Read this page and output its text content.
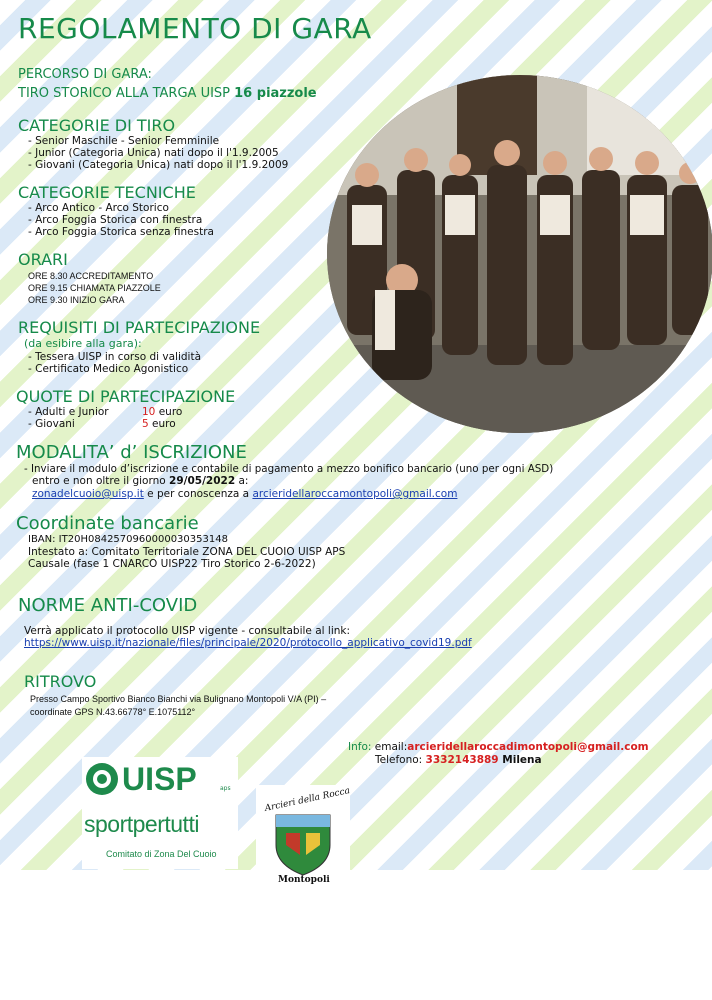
REGOLAMENTO DI GARA
PERCORSO DI GARA:
TIRO STORICO ALLA TARGA UISP 16 piazzole
CATEGORIE DI TIRO
- Senior Maschile - Senior Femminile
- Junior (Categoria Unica) nati dopo il l'1.9.2005
- Giovani (Categoria Unica) nati dopo il l'1.9.2009
CATEGORIE TECNICHE
- Arco Antico - Arco Storico
- Arco Foggia Storica con finestra
- Arco Foggia Storica senza finestra
ORARI
ORE 8.30 ACCREDITAMENTO
ORE 9.15 CHIAMATA PIAZZOLE
ORE 9.30 INIZIO GARA
REQUISITI DI PARTECIPAZIONE
(da esibire alla gara):
- Tessera UISP in corso di validità
- Certificato Medico Agonistico
QUOTE DI PARTECIPAZIONE
- Adulti e Junior	10 euro
- Giovani	5 euro
MODALITA’ d’ ISCRIZIONE
- Inviare il modulo d’iscrizione e contabile di pagamento a mezzo bonifico bancario (uno per ogni ASD)
entro e non oltre il giorno 29/05/2022 a:
zonadelcuoio@uisp.it e per conoscenza a arcieridellaroccamontopoli@gmail.com
Coordinate bancarie
IBAN: IT20H0842570960000030353148
Intestato a: Comitato Territoriale ZONA DEL CUOIO UISP APS
Causale (fase 1 CNARCO UISP22 Tiro Storico 2-6-2022)
NORME ANTI-COVID
Verrà applicato il protocollo UISP vigente - consultabile al link:
https://www.uisp.it/nazionale/files/principale/2020/protocollo_applicativo_covid19.pdf
RITROVO
Presso Campo Sportivo Bianco Bianchi via Bulignano Montopoli V/A (PI) –
coordinate GPS N.43.66778° E.1075112°
Info: email:arcieridellaroccadimontopoli@gmail.com
Telefono: 3332143889 Milena
UISP	aps
sportpertutti
Comitato di Zona Del Cuoio
Arcieri della Rocca
Montopoli
